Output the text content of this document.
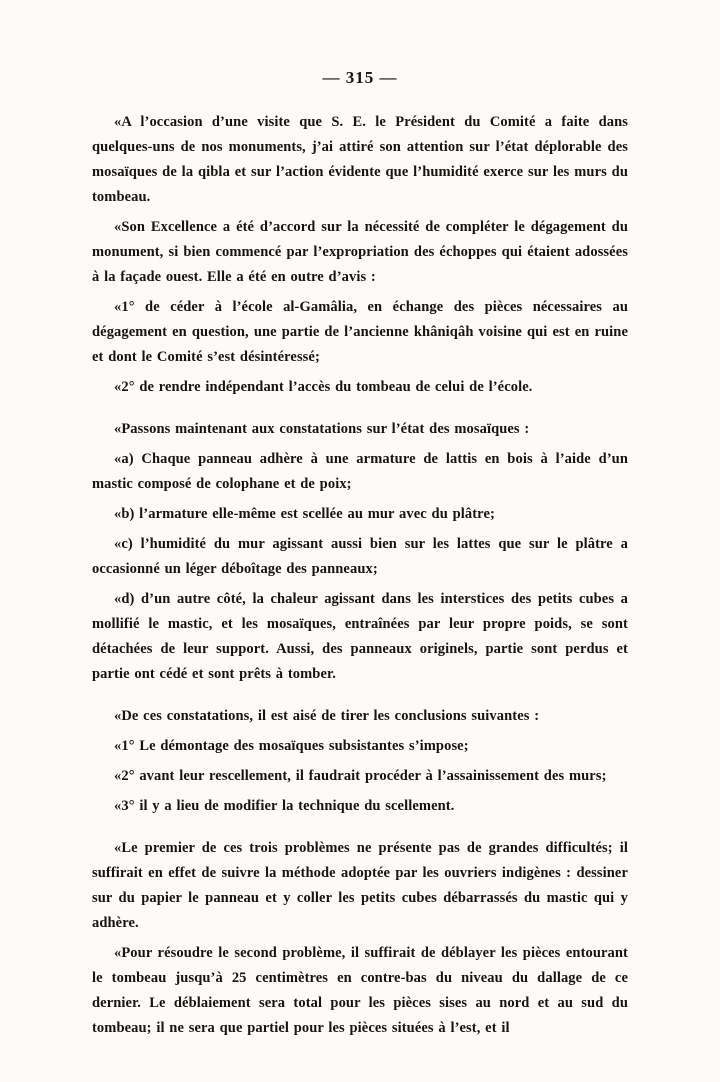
— 315 —

«A l’occasion d’une visite que S. E. le Président du Comité a faite dans quelques-uns de nos monuments, j’ai attiré son attention sur l’état déplorable des mosaïques de la qibla et sur l’action évidente que l’humidité exerce sur les murs du tombeau.

«Son Excellence a été d’accord sur la nécessité de compléter le dégagement du monument, si bien commencé par l’expropriation des échoppes qui étaient adossées à la façade ouest. Elle a été en outre d’avis :

«1° de céder à l’école al-Gamâlia, en échange des pièces nécessaires au dégagement en question, une partie de l’ancienne khâniqâh voisine qui est en ruine et dont le Comité s’est désintéressé;

«2° de rendre indépendant l’accès du tombeau de celui de l’école.

«Passons maintenant aux constatations sur l’état des mosaïques :

«a) Chaque panneau adhère à une armature de lattis en bois à l’aide d’un mastic composé de colophane et de poix;

«b) l’armature elle-même est scellée au mur avec du plâtre;

«c) l’humidité du mur agissant aussi bien sur les lattes que sur le plâtre a occasionné un léger déboîtage des panneaux;

«d) d’un autre côté, la chaleur agissant dans les interstices des petits cubes a mollifié le mastic, et les mosaïques, entraînées par leur propre poids, se sont détachées de leur support. Aussi, des panneaux originels, partie sont perdus et partie ont cédé et sont prêts à tomber.

«De ces constatations, il est aisé de tirer les conclusions suivantes :

«1° Le démontage des mosaïques subsistantes s’impose;

«2° avant leur rescellement, il faudrait procéder à l’assainissement des murs;

«3° il y a lieu de modifier la technique du scellement.

«Le premier de ces trois problèmes ne présente pas de grandes difficultés; il suffirait en effet de suivre la méthode adoptée par les ouvriers indigènes : dessiner sur du papier le panneau et y coller les petits cubes débarrassés du mastic qui y adhère.

«Pour résoudre le second problème, il suffirait de déblayer les pièces entourant le tombeau jusqu’à 25 centimètres en contre-bas du niveau du dallage de ce dernier. Le déblaiement sera total pour les pièces sises au nord et au sud du tombeau; il ne sera que partiel pour les pièces situées à l’est, et il
